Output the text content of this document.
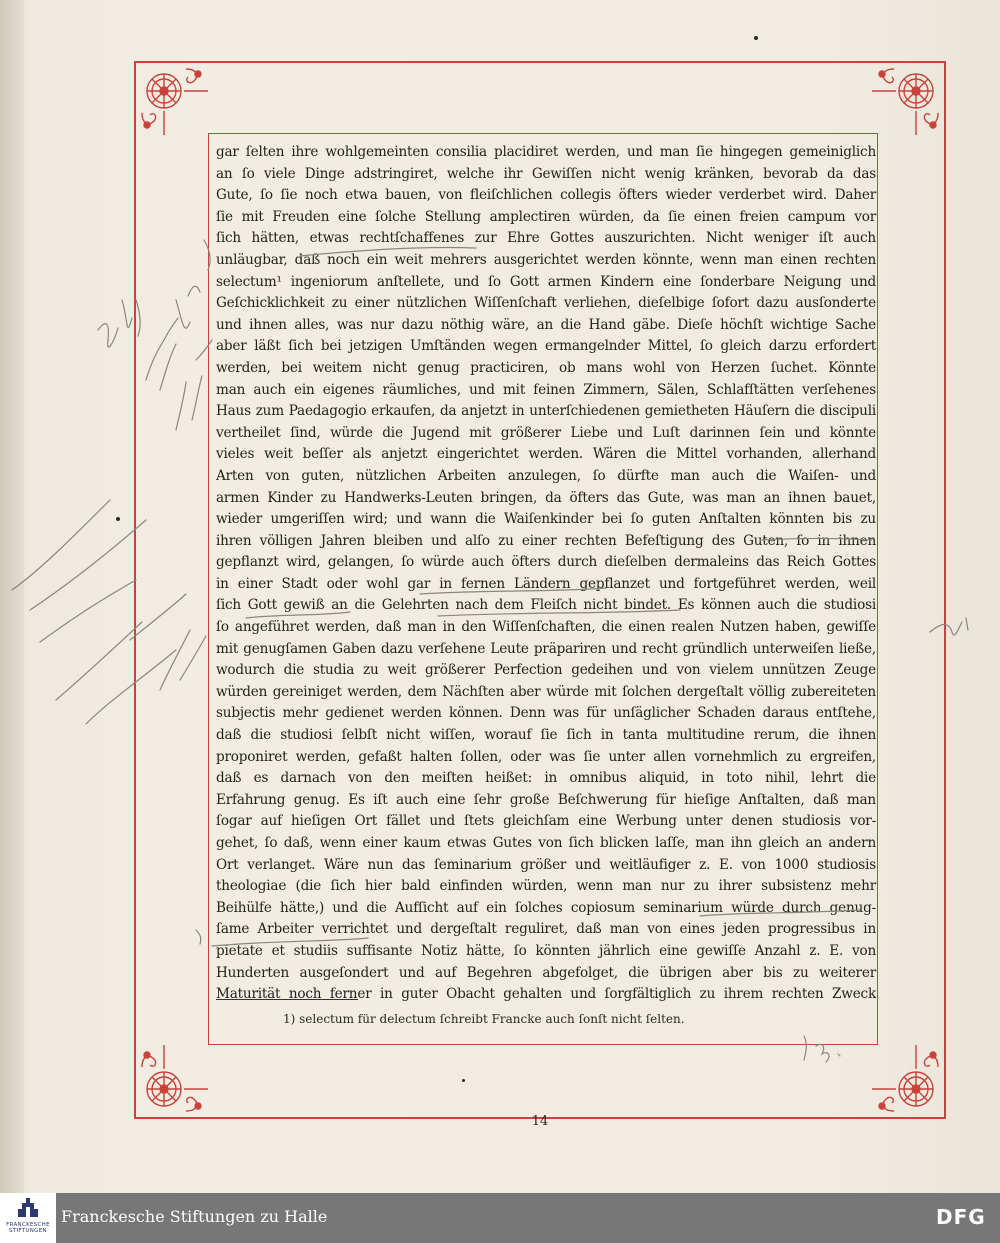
gar ſelten ihre wohlgemeinten consilia placidiret werden, und man ſie hingegen gemeiniglich
an ſo viele Dinge adstringiret, welche ihr Gewiſſen nicht wenig kränken, bevorab da das
Gute, ſo ſie noch etwa bauen, von fleiſchlichen collegis öfters wieder verderbet wird. Daher
ſie mit Freuden eine ſolche Stellung amplectiren würden, da ſie einen freien campum vor
ſich hätten, etwas rechtſchaffenes zur Ehre Gottes auszurichten. Nicht weniger iſt auch
unläugbar, daß noch ein weit mehrers ausgerichtet werden könnte, wenn man einen rechten
selectum¹ ingeniorum anſtellete, und ſo Gott armen Kindern eine ſonderbare Neigung und
Geſchicklichkeit zu einer nützlichen Wiſſenſchaft verliehen, dieſelbige ſofort dazu ausſonderte
und ihnen alles, was nur dazu nöthig wäre, an die Hand gäbe. Dieſe höchſt wichtige Sache
aber läßt ſich bei jetzigen Umſtänden wegen ermangelnder Mittel, ſo gleich darzu erfordert
werden, bei weitem nicht genug practiciren, ob mans wohl von Herzen ſuchet. Könnte
man auch ein eigenes räumliches, und mit feinen Zimmern, Sälen, Schlafſtätten verſehenes
Haus zum Paedagogio erkaufen, da anjetzt in unterſchiedenen gemietheten Häuſern die discipuli
vertheilet ſind, würde die Jugend mit größerer Liebe und Luſt darinnen ſein und könnte
vieles weit beſſer als anjetzt eingerichtet werden. Wären die Mittel vorhanden, allerhand
Arten von guten, nützlichen Arbeiten anzulegen, ſo dürfte man auch die Waiſen- und
armen Kinder zu Handwerks-Leuten bringen, da öfters das Gute, was man an ihnen bauet,
wieder umgeriſſen wird; und wann die Waiſenkinder bei ſo guten Anſtalten könnten bis zu
ihren völligen Jahren bleiben und alſo zu einer rechten Befeſtigung des Guten, ſo in ihnen
gepflanzt wird, gelangen, ſo würde auch öfters durch dieſelben dermaleins das Reich Gottes
in einer Stadt oder wohl gar in fernen Ländern gepflanzet und fortgeführet werden, weil
ſich Gott gewiß an die Gelehrten nach dem Fleiſch nicht bindet. Es können auch die studiosi
ſo angeführet werden, daß man in den Wiſſenſchaften, die einen realen Nutzen haben, gewiſſe
mit genugſamen Gaben dazu verſehene Leute präpariren und recht gründlich unterweiſen ließe,
wodurch die studia zu weit größerer Perfection gedeihen und von vielem unnützen Zeuge
würden gereiniget werden, dem Nächſten aber würde mit ſolchen dergeſtalt völlig zubereiteten
subjectis mehr gedienet werden können. Denn was für unſäglicher Schaden daraus entſtehe,
daß die studiosi ſelbſt nicht wiſſen, worauf ſie ſich in tanta multitudine rerum, die ihnen
proponiret werden, gefaßt halten ſollen, oder was ſie unter allen vornehmlich zu ergreifen,
daß es darnach von den meiſten heißet: in omnibus aliquid, in toto nihil, lehrt die
Erfahrung genug. Es iſt auch eine ſehr große Beſchwerung für hieſige Anſtalten, daß man
ſogar auf hieſigen Ort fället und ſtets gleichſam eine Werbung unter denen studiosis vor-
gehet, ſo daß, wenn einer kaum etwas Gutes von ſich blicken laſſe, man ihn gleich an andern
Ort verlanget. Wäre nun das ſeminarium größer und weitläufiger z. E. von 1000 studiosis
theologiae (die ſich hier bald einfinden würden, wenn man nur zu ihrer subsistenz mehr
Beihülfe hätte,) und die Aufſicht auf ein ſolches copiosum seminarium würde durch genug-
ſame Arbeiter verrichtet und dergeſtalt reguliret, daß man von eines jeden progressibus in
pietate et studiis suffisante Notiz hätte, ſo könnten jährlich eine gewiſſe Anzahl z. E. von
Hunderten ausgeſondert und auf Begehren abgefolget, die übrigen aber bis zu weiterer
Maturität noch ferner in guter Obacht gehalten und ſorgfältiglich zu ihrem rechten Zweck
1) selectum für delectum ſchreibt Francke auch ſonſt nicht ſelten.
14
FRANCKESCHE STIFTUNGEN
Franckesche Stiftungen zu Halle	DFG
